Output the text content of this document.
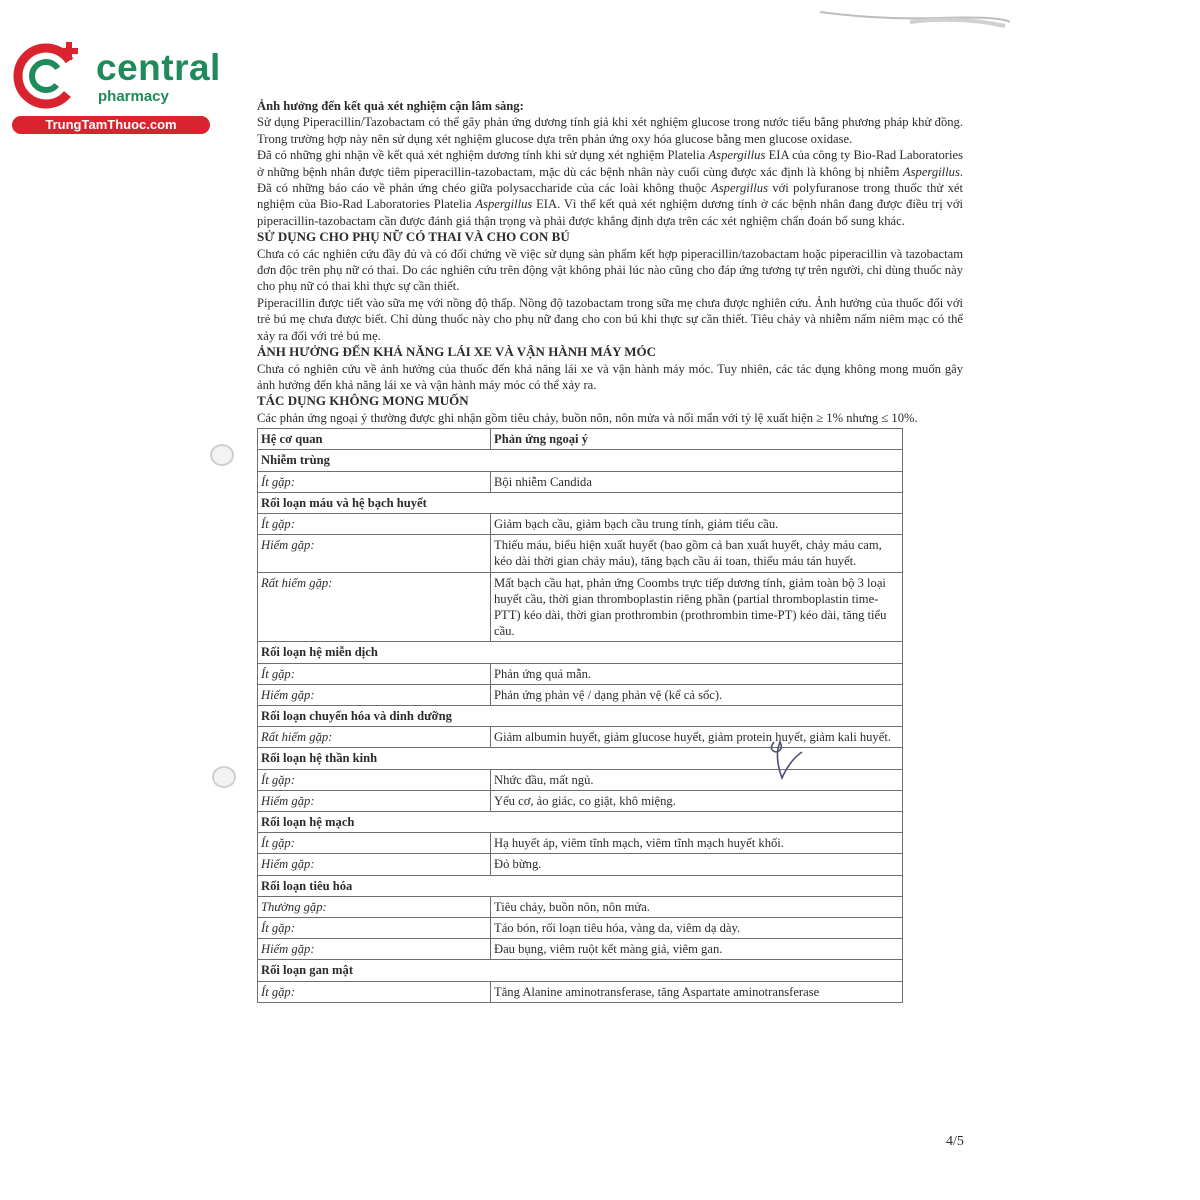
central
pharmacy
TrungTamThuoc.com
Ảnh hưởng đến kết quả xét nghiệm cận lâm sàng:

Sử dụng Piperacillin/Tazobactam có thể gây phản ứng dương tính giả khi xét nghiệm glucose trong nước tiểu bằng phương pháp khử đồng. Trong trường hợp này nên sử dụng xét nghiệm glucose dựa trên phản ứng oxy hóa glucose bằng men glucose oxidase.

Đã có những ghi nhận về kết quả xét nghiệm dương tính khi sử dụng xét nghiệm Platelia Aspergillus EIA của công ty Bio-Rad Laboratories ở những bệnh nhân được tiêm piperacillin-tazobactam, mặc dù các bệnh nhân này cuối cùng được xác định là không bị nhiễm Aspergillus. Đã có những báo cáo về phản ứng chéo giữa polysaccharide của các loài không thuộc Aspergillus với polyfuranose trong thuốc thử xét nghiệm của Bio-Rad Laboratories Platelia Aspergillus EIA. Vì thế kết quả xét nghiệm dương tính ở các bệnh nhân đang được điều trị với piperacillin-tazobactam cần được đánh giá thận trọng và phải được khẳng định dựa trên các xét nghiệm chẩn đoán bổ sung khác.

SỬ DỤNG CHO PHỤ NỮ CÓ THAI VÀ CHO CON BÚ

Chưa có các nghiên cứu đầy đủ và có đối chứng về việc sử dụng sản phẩm kết hợp piperacillin/tazobactam hoặc piperacillin và tazobactam đơn độc trên phụ nữ có thai. Do các nghiên cứu trên động vật không phải lúc nào cũng cho đáp ứng tương tự trên người, chỉ dùng thuốc này cho phụ nữ có thai khi thực sự cần thiết.

Piperacillin được tiết vào sữa mẹ với nồng độ thấp. Nồng độ tazobactam trong sữa mẹ chưa được nghiên cứu. Ảnh hưởng của thuốc đối với trẻ bú mẹ chưa được biết. Chỉ dùng thuốc này cho phụ nữ đang cho con bú khi thực sự cần thiết. Tiêu chảy và nhiễm nấm niêm mạc có thể xảy ra đối với trẻ bú mẹ.

ẢNH HƯỞNG ĐẾN KHẢ NĂNG LÁI XE VÀ VẬN HÀNH MÁY MÓC

Chưa có nghiên cứu về ảnh hưởng của thuốc đến khả năng lái xe và vận hành máy móc. Tuy nhiên, các tác dụng không mong muốn gây ảnh hưởng đến khả năng lái xe và vận hành máy móc có thể xảy ra.

TÁC DỤNG KHÔNG MONG MUỐN

Các phản ứng ngoại ý thường được ghi nhận gồm tiêu chảy, buồn nôn, nôn mửa và nổi mẩn với tỷ lệ xuất hiện ≥ 1% nhưng ≤ 10%.

Hệ cơ quan	Phản ứng ngoại ý
Nhiễm trùng	
Ít gặp:	Bội nhiễm Candida
Rối loạn máu và hệ bạch huyết	
Ít gặp:	Giảm bạch cầu, giảm bạch cầu trung tính, giảm tiểu cầu.
Hiếm gặp:	Thiếu máu, biểu hiện xuất huyết (bao gồm cả ban xuất huyết, chảy máu cam, kéo dài thời gian chảy máu), tăng bạch cầu ái toan, thiếu máu tán huyết.
Rất hiếm gặp:	Mất bạch cầu hạt, phản ứng Coombs trực tiếp dương tính, giảm toàn bộ 3 loại huyết cầu, thời gian thromboplastin riêng phần (partial thromboplastin time-PTT) kéo dài, thời gian prothrombin (prothrombin time-PT) kéo dài, tăng tiểu cầu.
Rối loạn hệ miễn dịch	
Ít gặp:	Phản ứng quá mẫn.
Hiếm gặp:	Phản ứng phản vệ / dạng phản vệ (kể cả sốc).
Rối loạn chuyển hóa và dinh dưỡng	
Rất hiếm gặp:	Giảm albumin huyết, giảm glucose huyết, giảm protein huyết, giảm kali huyết.
Rối loạn hệ thần kinh	
Ít gặp:	Nhức đầu, mất ngủ.
Hiếm gặp:	Yếu cơ, ảo giác, co giật, khô miệng.
Rối loạn hệ mạch	
Ít gặp:	Hạ huyết áp, viêm tĩnh mạch, viêm tĩnh mạch huyết khối.
Hiếm gặp:	Đỏ bừng.
Rối loạn tiêu hóa	
Thường gặp:	Tiêu chảy, buồn nôn, nôn mửa.
Ít gặp:	Táo bón, rối loạn tiêu hóa, vàng da, viêm dạ dày.
Hiếm gặp:	Đau bụng, viêm ruột kết màng giả, viêm gan.
Rối loạn gan mật	
Ít gặp:	Tăng Alanine aminotransferase, tăng Aspartate aminotransferase
4/5
